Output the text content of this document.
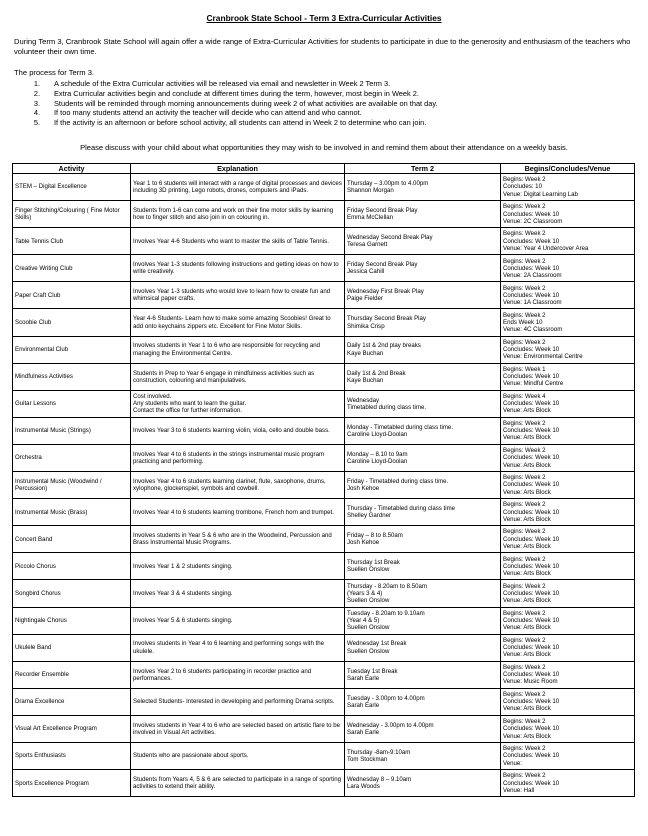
Cranbrook State School - Term 3 Extra-Curricular Activities
During Term 3, Cranbrook State School will again offer a wide range of Extra-Curricular Activities for students to participate in due to the generosity and enthusiasm of the teachers who volunteer their own time.
The process for Term 3.
1.	A schedule of the Extra Curricular activities will be released via email and newsletter in Week 2 Term 3.
2.	Extra Curricular activities begin and conclude at different times during the term, however, most begin in Week 2.
3.	Students will be reminded through morning announcements during week 2 of what activities are available on that day.
4.	If too many students attend an activity the teacher will decide who can attend and who cannot.
5.	If the activity is an afternoon or before school activity, all students can attend in Week 2 to determine who can join.
Please discuss with your child about what opportunities they may wish to be involved in and remind them about their attendance on a weekly basis.
Activity	Explanation	Term 2	Begins/Concludes/Venue
STEM – Digital Excellence	Year 1 to 6 students will interact with a range of digital processes and devices including 3D printing, Lego robots, drones, computers and iPads.	Thursday – 3.00pm to 4.00pm
Shannon Morgan	Begins: Week 2
Concludes: 10
Venue: Digital Learning Lab
Finger Stitching/Colouring ( Fine Motor Skills)	Students from 1-6 can come and work on their fine motor skills by learning how to finger stitch and also join in on colouring in.	Friday Second Break Play
Emma McClellan	Begins: Week 2
Concludes: Week 10
Venue: 2C Classroom
Table Tennis Club	Involves Year 4-6 Students who want to master the skills of Table Tennis.	Wednesday Second Break Play
Teresa Garnett	Begins: Week 2
Concludes: Week 10
Venue: Year 4 Undercover Area
Creative Writing Club	Involves Year 1-3 students following instructions and getting ideas on how to write creatively.	Friday Second Break Play
Jessica Cahill	Begins: Week 2
Concludes: Week 10
Venue: 2A Classroom
Paper Craft Club	Involves Year 1-3 students who would love to learn how to create fun and whimsical paper crafts.	Wednesday First Break Play
Paige Fielder	Begins: Week 2
Concludes: Week 10
Venue: 1A Classroom
Scoobie Club	Year 4-6 Students- Learn how to make some amazing Scoobies! Great to add onto keychains zippers etc. Excellent for Fine Motor Skills.	Thursday Second Break Play
Shimika Crisp	Begins: Week 2
Ends Week 10
Venue: 4C Classroom
Environmental Club	Involves students in Year 1 to 6 who are responsible for recycling and managing the Environmental Centre.	Daily 1st & 2nd play breaks
Kaye Buchan	Begins: Week 2
Concludes: Week 10
Venue: Environmental Centre
Mindfulness Activities	Students in Prep to Year 6 engage in mindfulness activities such as construction, colouring and manipulatives.	Daily 1st & 2nd Break
Kaye Buchan	Begins: Week 1
Concludes: Week 10
Venue: Mindful Centre
Guitar Lessons	Cost involved.
Any students who want to learn the guitar.
Contact the office for further information.	Wednesday
Timetabled during class time.	Begins: Week 4
Concludes: Week 10
Venue: Arts Block
Instrumental Music (Strings)	Involves Year 3 to 6 students learning violin, viola, cello and double bass.	Monday - Timetabled during class time.
Caroline Lloyd-Doolan	Begins: Week 2
Concludes: Week 10
Venue: Arts Block
Orchestra	Involves Year 4 to 6 students in the strings instrumental music program practicing and performing.	Monday – 8.10 to 9am
Caroline Lloyd-Doolan	Begins: Week 2
Concludes: Week 10
Venue: Arts Block
Instrumental Music (Woodwind / Percussion)	Involves Year 4 to 6 students learning clarinet, flute, saxophone, drums, xylophone, glockenspiel, symbols and cowbell.	Friday - Timetabled during class time.
Josh Kehoe	Begins: Week 2
Concludes: Week 10
Venue: Arts Block
Instrumental Music (Brass)	Involves Year 4 to 6 students learning trombone, French horn and trumpet.	Thursday - Timetabled during class time
Shelley Gardner	Begins: Week 2
Concludes: Week 10
Venue: Arts Block
Concert Band	Involves students in Year 5 & 6 who are in the Woodwind, Percussion and Brass Instrumental Music Programs.	Friday – 8 to 8.50am
Josh Kehoe	Begins: Week 2
Concludes: Week 10
Venue: Arts Block
Piccolo Chorus	Involves Year 1 & 2 students singing.	Thursday 1st Break
Suellen Onslow	Begins: Week 2
Concludes: Week 10
Venue: Arts Block
Songbird Chorus	Involves Year 3 & 4 students singing.	Thursday - 8.20am to 8.50am
(Years 3 & 4)
Suellen Onslow	Begins: Week 2
Concludes: Week 10
Venue: Arts Block
Nightingale Chorus	Involves Year 5 & 6 students singing.	Tuesday - 8.20am to 9.10am
(Year 4 & 5)
Suellen Onslow	Begins: Week 2
Concludes: Week 10
Venue: Arts Block
Ukulele Band	Involves students in Year 4 to 6 learning and performing songs with the ukulele.	Wednesday 1st Break
Suellen Onslow	Begins: Week 2
Concludes: Week 10
Venue: Arts Block
Recorder Ensemble	Involves Year 2 to 6 students participating in recorder practice and performances.	Tuesday 1st Break
Sarah Earle	Begins: Week 2
Concludes: Week 10
Venue: Music Room
Drama Excellence	Selected Students- Interested in developing and performing Drama scripts.	Tuesday - 3.00pm to 4.00pm
Sarah Earle	Begins: Week 2
Concludes: Week 10
Venue: Arts Block
Visual Art Excellence Program	Involves students in Year 4 to 6 who are selected based on artistic flare to be involved in Visual Art activities.	Wednesday - 3.00pm to 4.00pm
Sarah Earle	Begins: Week 2
Concludes: Week 10
Venue: Arts Block
Sports Enthusiasts	Students who are passionate about sports.	Thursday -8am-9:10am
Tom Stockman	Begins: Week 2
Concludes: Week 10
Venue:
Sports Excellence Program	Students from Years 4, 5 & 6 are selected to participate in a range of sporting activities to extend their ability.	Wednesday 8 – 9.10am
Lara Woods	Begins: Week 2
Concludes: Week 10
Venue: Hall
